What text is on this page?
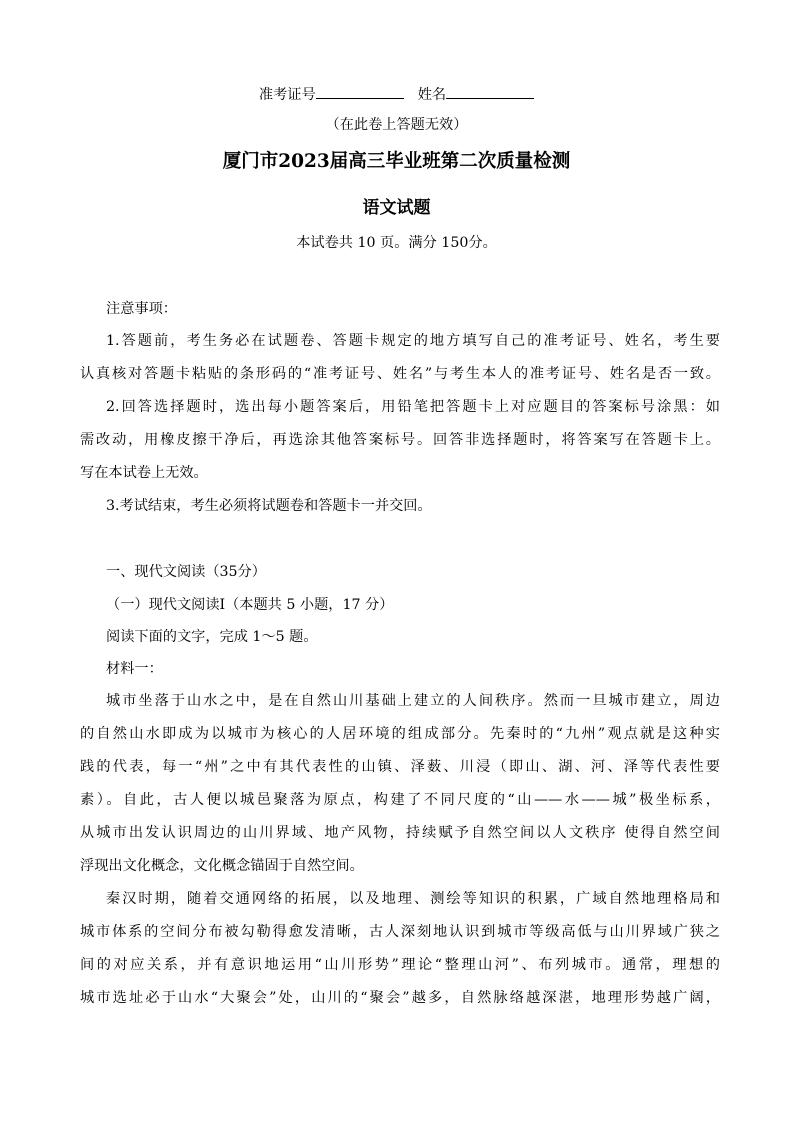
准考证号	姓名
（在此卷上答题无效）
厦门市2023届高三毕业班第二次质量检测
语文试题
本试卷共 10 页。满分 150分。
注意事项：
1.答题前，考生务必在试题卷、答题卡规定的地方填写自己的准考证号、姓名，考生要
认真核对答题卡粘贴的条形码的“准考证号、姓名”与考生本人的准考证号、姓名是否一致。
2.回答选择题时，选出每小题答案后，用铅笔把答题卡上对应题目的答案标号涂黑：如
需改动，用橡皮擦干净后，再选涂其他答案标号。回答非选择题时，将答案写在答题卡上。
写在本试卷上无效。
3.考试结束，考生必须将试题卷和答题卡一并交回。
一、现代文阅读（35分）
（一）现代文阅读Ⅰ（本题共 5 小题，17 分）
阅读下面的文字，完成 1～5 题。
材料一：
城市坐落于山水之中，是在自然山川基础上建立的人间秩序。然而一旦城市建立，周边
的自然山水即成为以城市为核心的人居环境的组成部分。先秦时的“九州”观点就是这种实
践的代表，每一“州”之中有其代表性的山镇、泽薮、川浸（即山、湖、河、泽等代表性要
素）。自此，古人便以城邑聚落为原点，构建了不同尺度的“山——水——城”极坐标系，
从城市出发认识周边的山川界域、地产风物，持续赋予自然空间以人文秩序 使得自然空间
浮现出文化概念，文化概念锚固于自然空间。
秦汉时期，随着交通网络的拓展，以及地理、测绘等知识的积累，广域自然地理格局和
城市体系的空间分布被勾勒得愈发清晰，古人深刻地认识到城市等级高低与山川界域广狭之
间的对应关系，并有意识地运用“山川形势”理论“整理山河”、布列城市。通常，理想的
城市选址必于山水“大聚会”处，山川的“聚会”越多，自然脉络越深湛，地理形势越广阔，
